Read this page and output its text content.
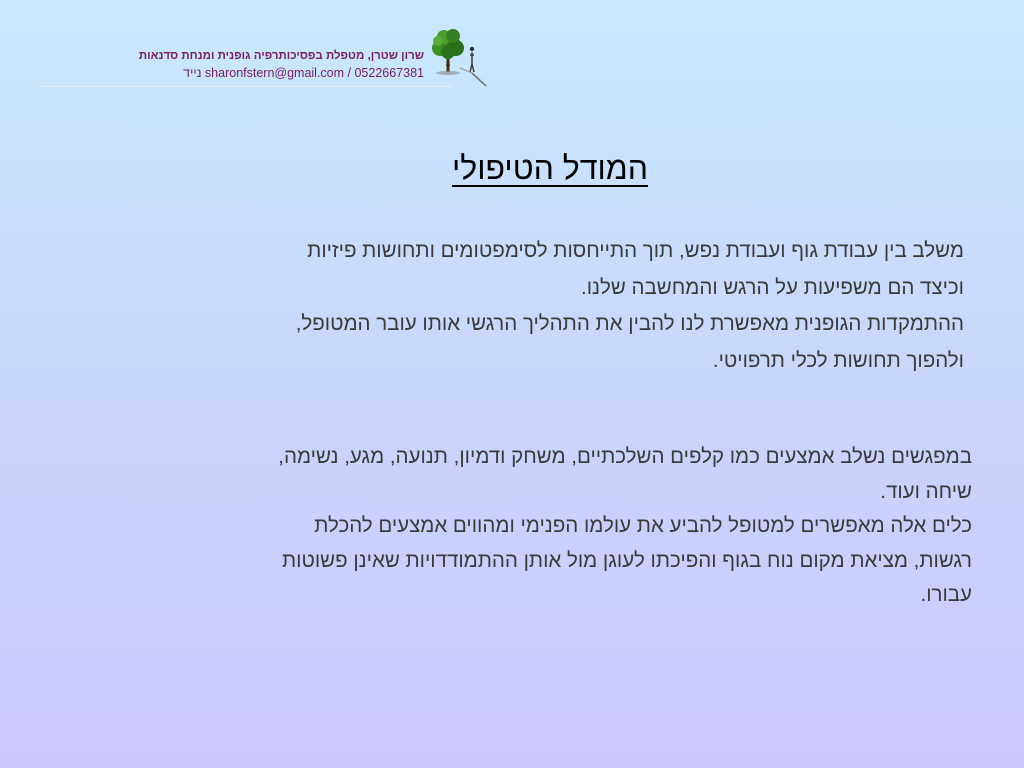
שרון שטרן, מטפלת בפסיכותרפיה גופנית ומנחת סדנאות
sharonfstern@gmail.com / 0522667381 נייד
המודל הטיפולי
משלב בין עבודת גוף ועבודת נפש, תוך התייחסות לסימפטומים ותחושות פיזיות
וכיצד הם משפיעות על הרגש והמחשבה שלנו.
ההתמקדות הגופנית מאפשרת לנו להבין את התהליך הרגשי אותו עובר המטופל,
ולהפוך תחושות לכלי תרפויטי.
במפגשים נשלב אמצעים כמו קלפים השלכתיים, משחק ודמיון, תנועה, מגע, נשימה,
שיחה ועוד.
כלים אלה מאפשרים למטופל להביע את עולמו הפנימי ומהווים אמצעים להכלת
רגשות, מציאת מקום נוח בגוף והפיכתו לעוגן מול אותן ההתמודדויות שאינן פשוטות
עבורו.
